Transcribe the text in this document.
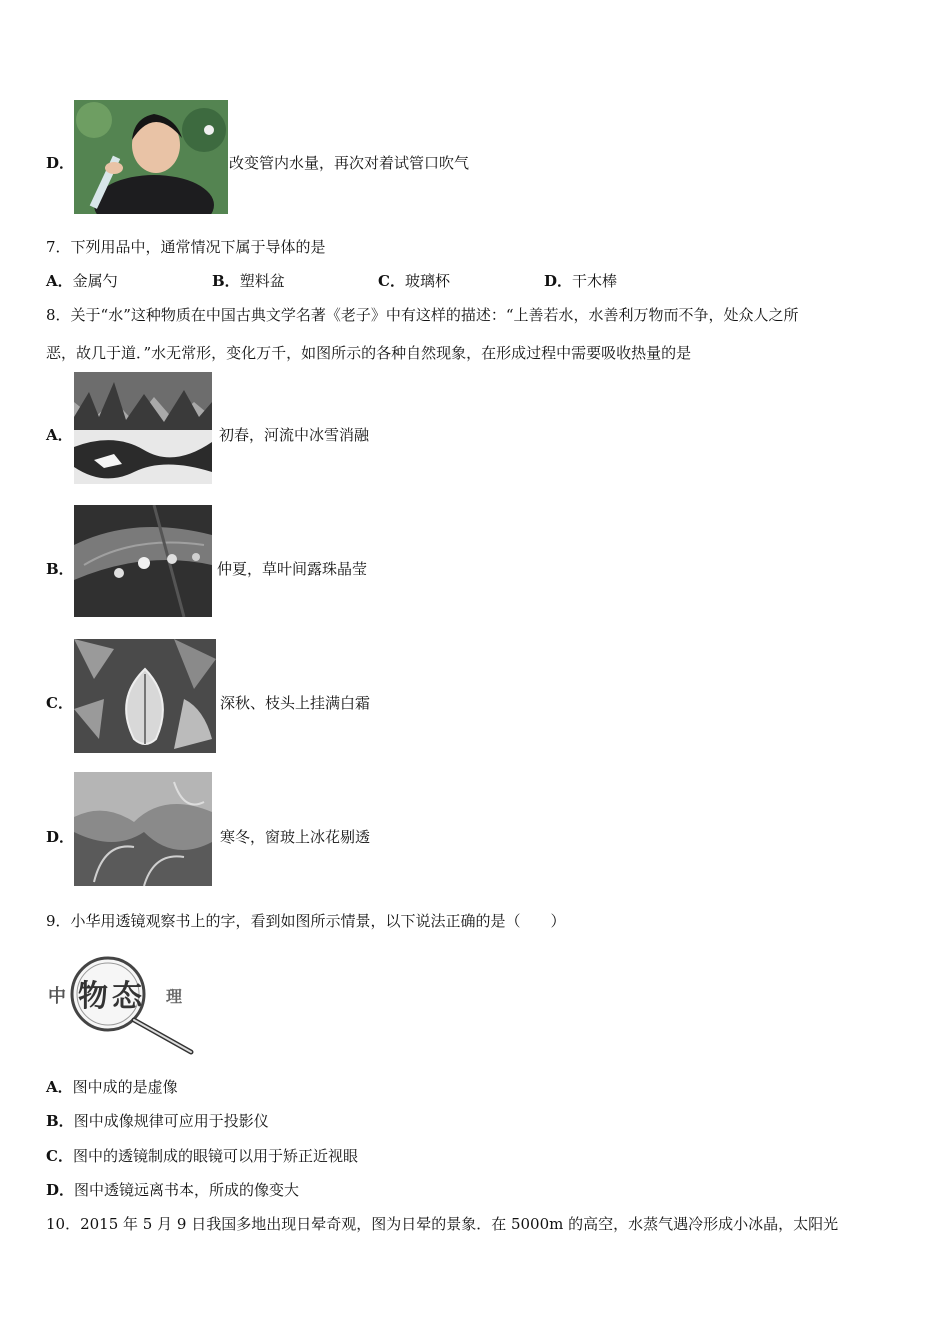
D．	改变管内水量，再次对着试管口吹气
7．下列用品中，通常情况下属于导体的是
A．金属勺	B．塑料盆	C．玻璃杯	D．干木棒
8．关于“水”这种物质在中国古典文学名著《老子》中有这样的描述：“上善若水，水善利万物而不争，处众人之所
恶，故几于道．”水无常形，变化万千，如图所示的各种自然现象，在形成过程中需要吸收热量的是
A．	初春，河流中冰雪消融
B．	仲夏，草叶间露珠晶莹
C．	深秋、枝头上挂满白霜
D．	寒冬，窗玻上冰花剔透
9．小华用透镜观察书上的字，看到如图所示情景，以下说法正确的是（　　）
中 物 态 理
A．图中成的是虚像
B．图中成像规律可应用于投影仪
C．图中的透镜制成的眼镜可以用于矫正近视眼
D．图中透镜远离书本，所成的像变大
10．2015 年 5 月 9 日我国多地出现日晕奇观，图为日晕的景象．在 5000m 的高空，水蒸气遇冷形成小冰晶，太阳光
